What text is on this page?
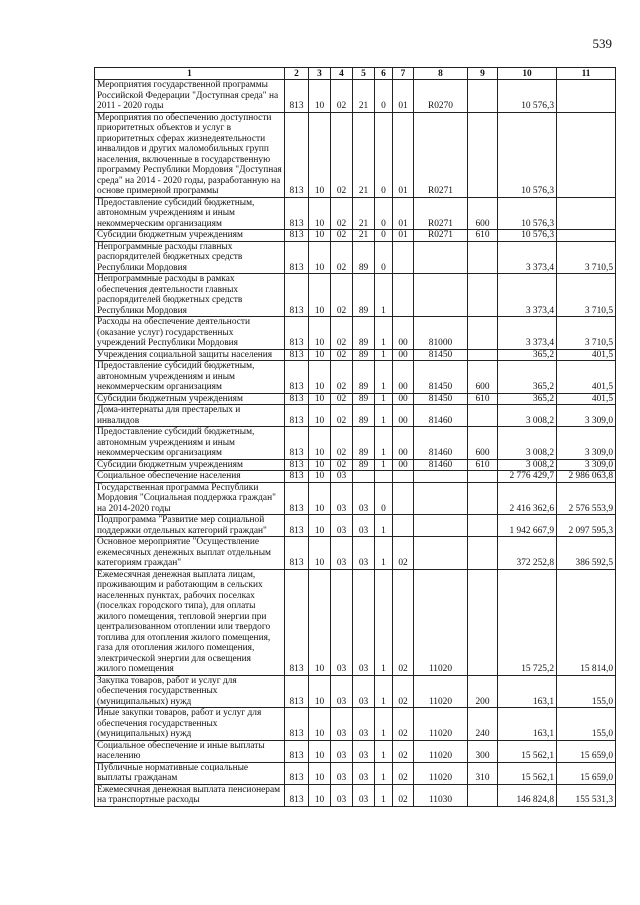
539
1	2	3	4	5	6	7	8	9	10	11
Мероприятия государственной программы Российской Федерации "Доступная среда" на 2011 - 2020 годы	813	10	02	21	0	01	R0270		10 576,3	
Мероприятия по обеспечению доступности приоритетных объектов и услуг в приоритетных сферах жизнедеятельности инвалидов и других маломобильных групп населения, включенные в государственную программу Республики Мордовия "Доступная среда" на 2014 - 2020 годы, разработанную на основе примерной программы	813	10	02	21	0	01	R0271		10 576,3	
Предоставление субсидий бюджетным, автономным учреждениям и иным некоммерческим организациям	813	10	02	21	0	01	R0271	600	10 576,3	
Субсидии бюджетным учреждениям	813	10	02	21	0	01	R0271	610	10 576,3	
Непрограммные расходы главных распорядителей бюджетных средств Республики Мордовия	813	10	02	89	0				3 373,4	3 710,5
Непрограммные расходы в рамках обеспечения деятельности главных распорядителей бюджетных средств Республики Мордовия	813	10	02	89	1				3 373,4	3 710,5
Расходы на обеспечение деятельности (оказание услуг) государственных учреждений Республики Мордовия	813	10	02	89	1	00	81000		3 373,4	3 710,5
Учреждения социальной защиты населения	813	10	02	89	1	00	81450		365,2	401,5
Предоставление субсидий бюджетным, автономным учреждениям и иным некоммерческим организациям	813	10	02	89	1	00	81450	600	365,2	401,5
Субсидии бюджетным учреждениям	813	10	02	89	1	00	81450	610	365,2	401,5
Дома-интернаты для престарелых и инвалидов	813	10	02	89	1	00	81460		3 008,2	3 309,0
Предоставление субсидий бюджетным, автономным учреждениям и иным некоммерческим организациям	813	10	02	89	1	00	81460	600	3 008,2	3 309,0
Субсидии бюджетным учреждениям	813	10	02	89	1	00	81460	610	3 008,2	3 309,0
Социальное обеспечение населения	813	10	03						2 776 429,7	2 986 063,8
Государственная программа Республики Мордовия "Социальная поддержка граждан" на 2014-2020 годы	813	10	03	03	0				2 416 362,6	2 576 553,9
Подпрограмма "Развитие мер социальной поддержки отдельных категорий граждан"	813	10	03	03	1				1 942 667,9	2 097 595,3
Основное мероприятие "Осуществление ежемесячных денежных выплат отдельным категориям граждан"	813	10	03	03	1	02			372 252,8	386 592,5
Ежемесячная денежная выплата лицам, проживающим и работающим в сельских населенных пунктах, рабочих поселках (поселках городского типа), для оплаты жилого помещения, тепловой энергии при централизованном отоплении или твердого топлива для отопления жилого помещения, газа для отопления жилого помещения, электрической энергии для освещения жилого помещения	813	10	03	03	1	02	11020		15 725,2	15 814,0
Закупка товаров, работ и услуг для обеспечения государственных (муниципальных) нужд	813	10	03	03	1	02	11020	200	163,1	155,0
Иные закупки товаров, работ и услуг для обеспечения государственных (муниципальных) нужд	813	10	03	03	1	02	11020	240	163,1	155,0
Социальное обеспечение и иные выплаты населению	813	10	03	03	1	02	11020	300	15 562,1	15 659,0
Публичные нормативные социальные выплаты гражданам	813	10	03	03	1	02	11020	310	15 562,1	15 659,0
Ежемесячная денежная выплата пенсионерам на транспортные расходы	813	10	03	03	1	02	11030		146 824,8	155 531,3
